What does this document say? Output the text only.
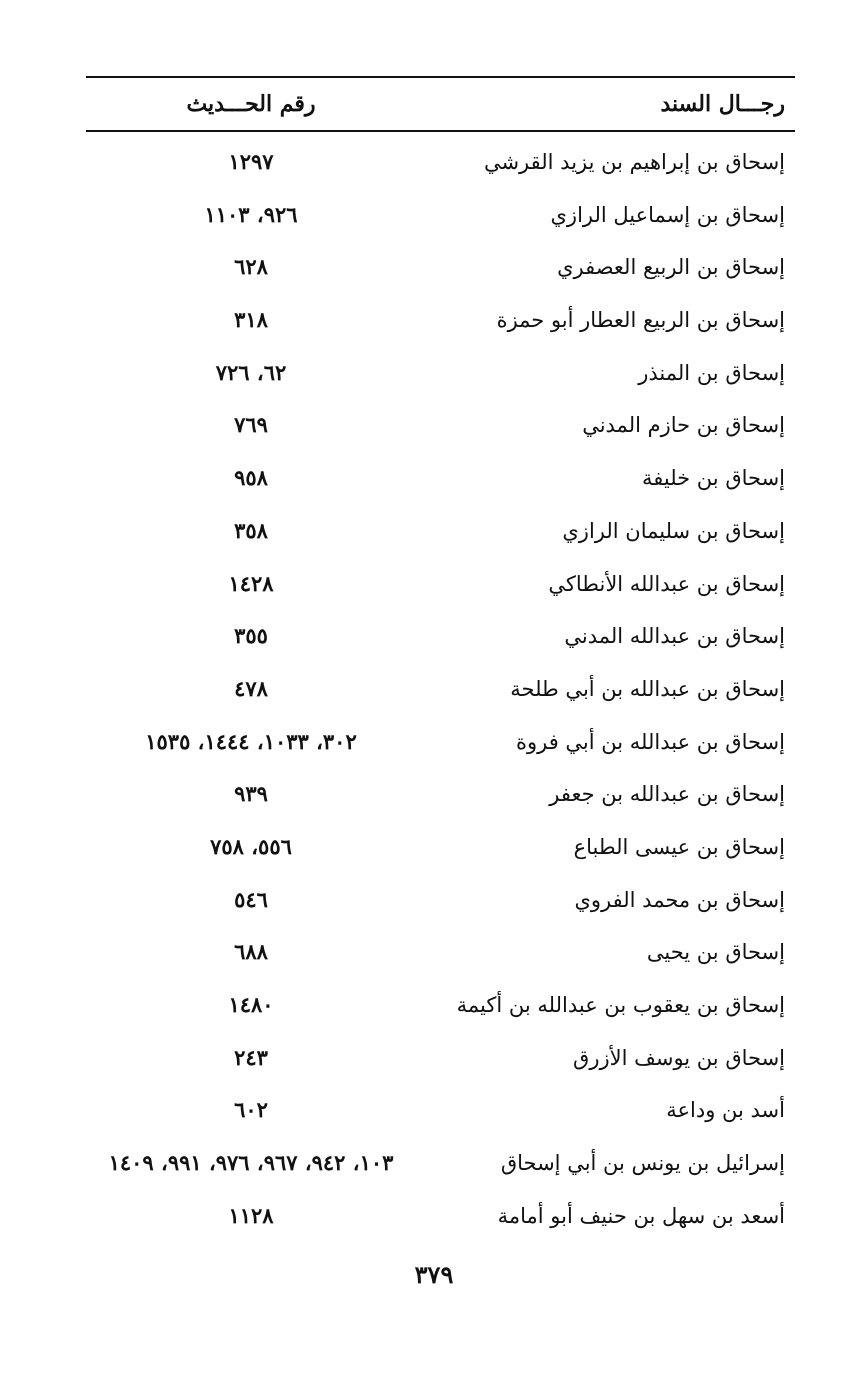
رجـــال السند
رقم الحـــديث
إسحاق بن إبراهيم بن يزيد القرشي
١٢٩٧
إسحاق بن إسماعيل الرازي
٩٢٦، ١١٠٣
إسحاق بن الربيع العصفري
٦٢٨
إسحاق بن الربيع العطار أبو حمزة
٣١٨
إسحاق بن المنذر
٦٢، ٧٢٦
إسحاق بن حازم المدني
٧٦٩
إسحاق بن خليفة
٩٥٨
إسحاق بن سليمان الرازي
٣٥٨
إسحاق بن عبدالله الأنطاكي
١٤٢٨
إسحاق بن عبدالله المدني
٣٥٥
إسحاق بن عبدالله بن أبي طلحة
٤٧٨
إسحاق بن عبدالله بن أبي فروة
٣٠٢، ١٠٣٣، ١٤٤٤، ١٥٣٥
إسحاق بن عبدالله بن جعفر
٩٣٩
إسحاق بن عيسى الطباع
٥٥٦، ٧٥٨
إسحاق بن محمد الفروي
٥٤٦
إسحاق بن يحيى
٦٨٨
إسحاق بن يعقوب بن عبدالله بن أكيمة
١٤٨٠
إسحاق بن يوسف الأزرق
٢٤٣
أسد بن وداعة
٦٠٢
إسرائيل بن يونس بن أبي إسحاق
١٠٣، ٩٤٢، ٩٦٧، ٩٧٦، ٩٩١، ١٤٠٩
أسعد بن سهل بن حنيف أبو أمامة
١١٢٨
٣٧٩
